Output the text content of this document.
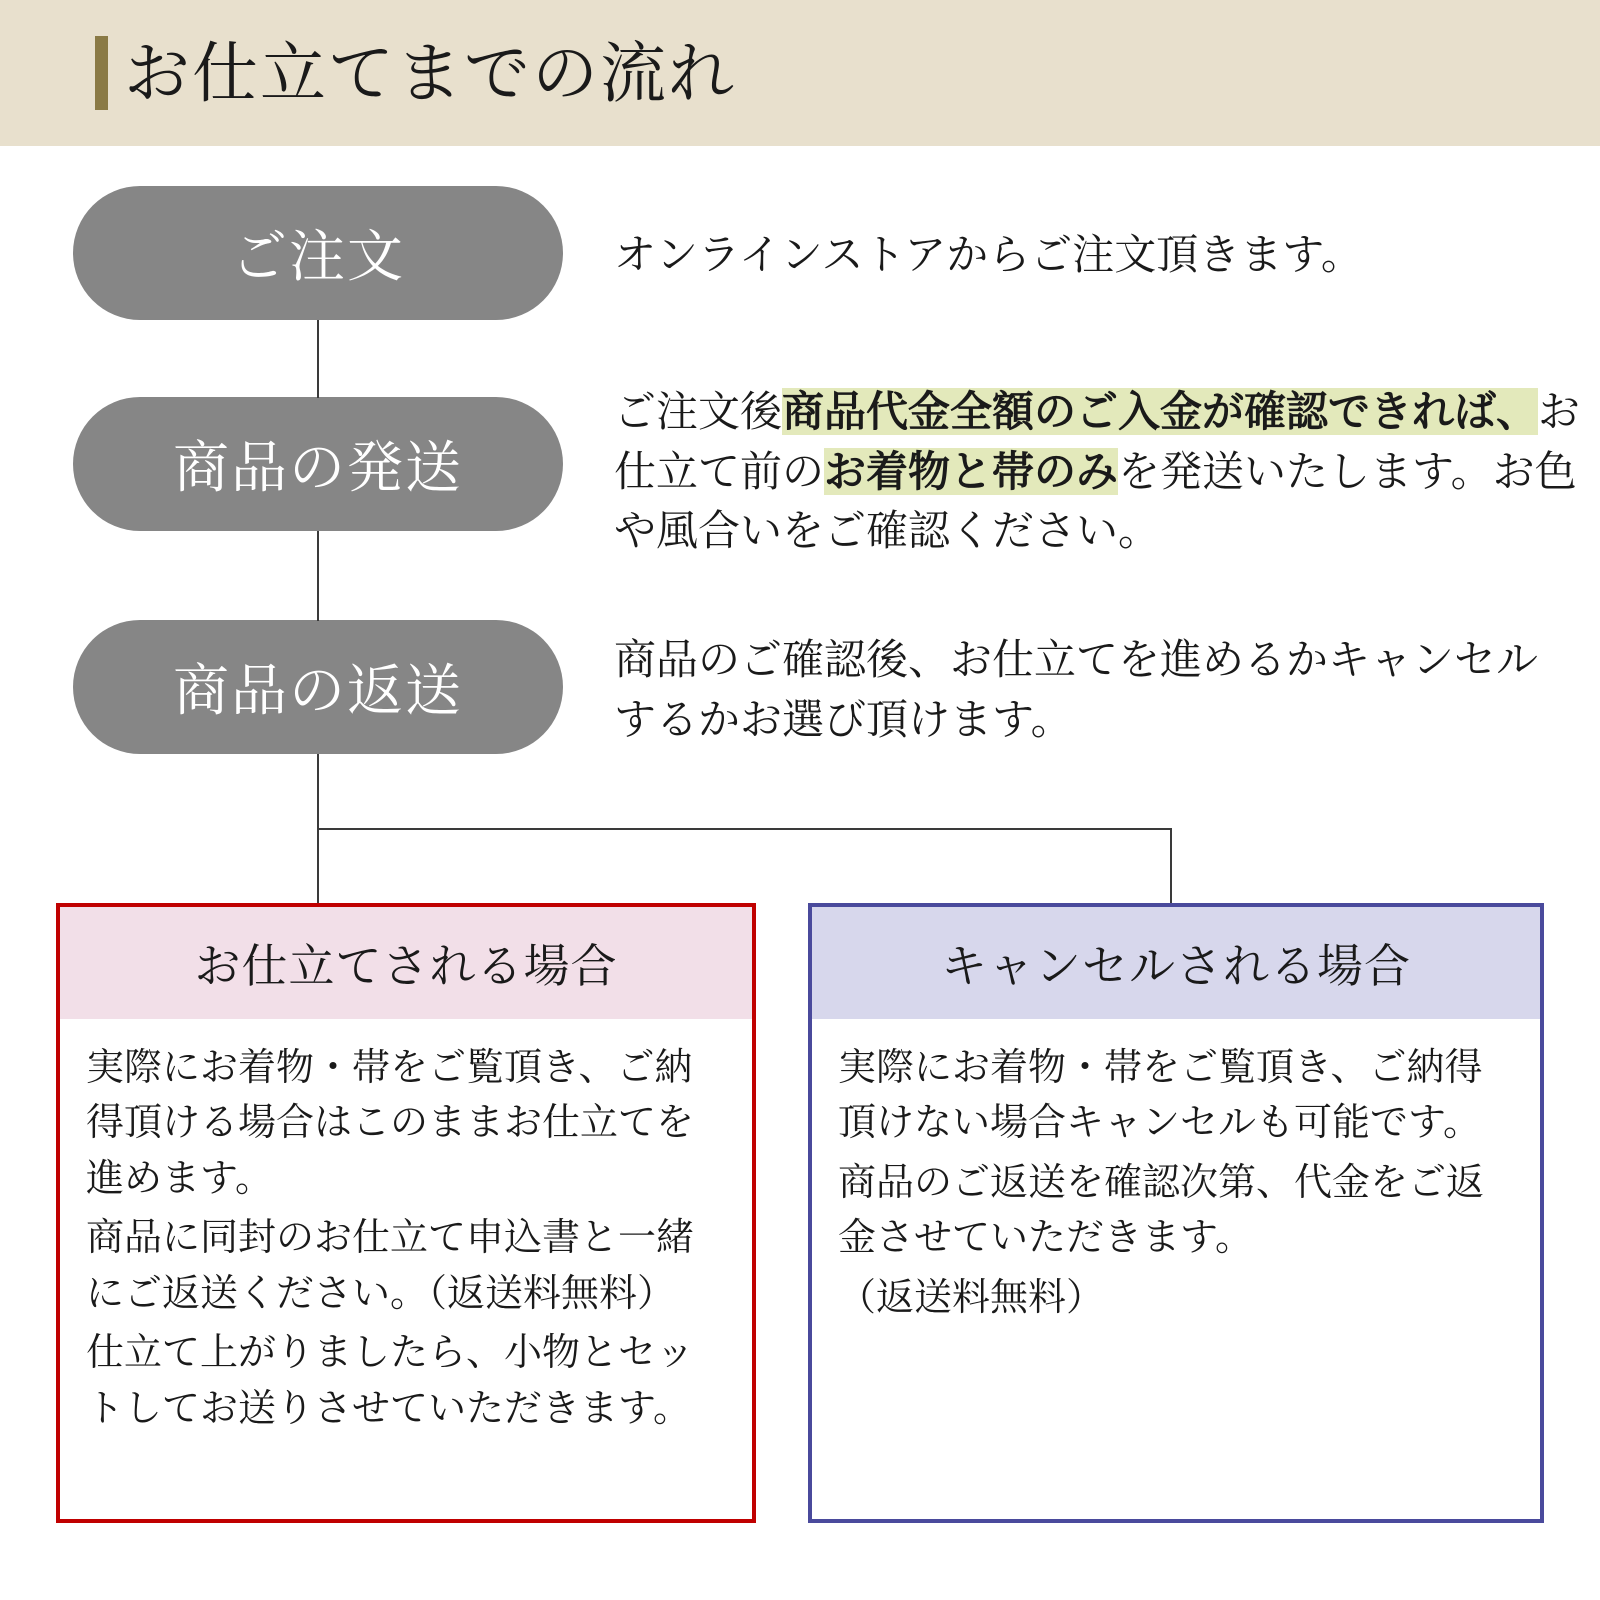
お仕立てまでの流れ
ご注文
商品の発送
商品の返送
オンラインストアからご注文頂きます。
ご注文後商品代金全額のご入金が確認できれば、お仕立て前のお着物と帯のみを発送いたします。お色や風合いをご確認ください。
商品のご確認後、お仕立てを進めるかキャンセルするかお選び頂けます。
お仕立てされる場合

実際にお着物・帯をご覧頂き、ご納得頂ける場合はこのままお仕立てを進めます。

商品に同封のお仕立て申込書と一緒にご返送ください。（返送料無料）

仕立て上がりましたら、小物とセットしてお送りさせていただきます。

キャンセルされる場合

実際にお着物・帯をご覧頂き、ご納得頂けない場合キャンセルも可能です。

商品のご返送を確認次第、代金をご返金させていただきます。

（返送料無料）
